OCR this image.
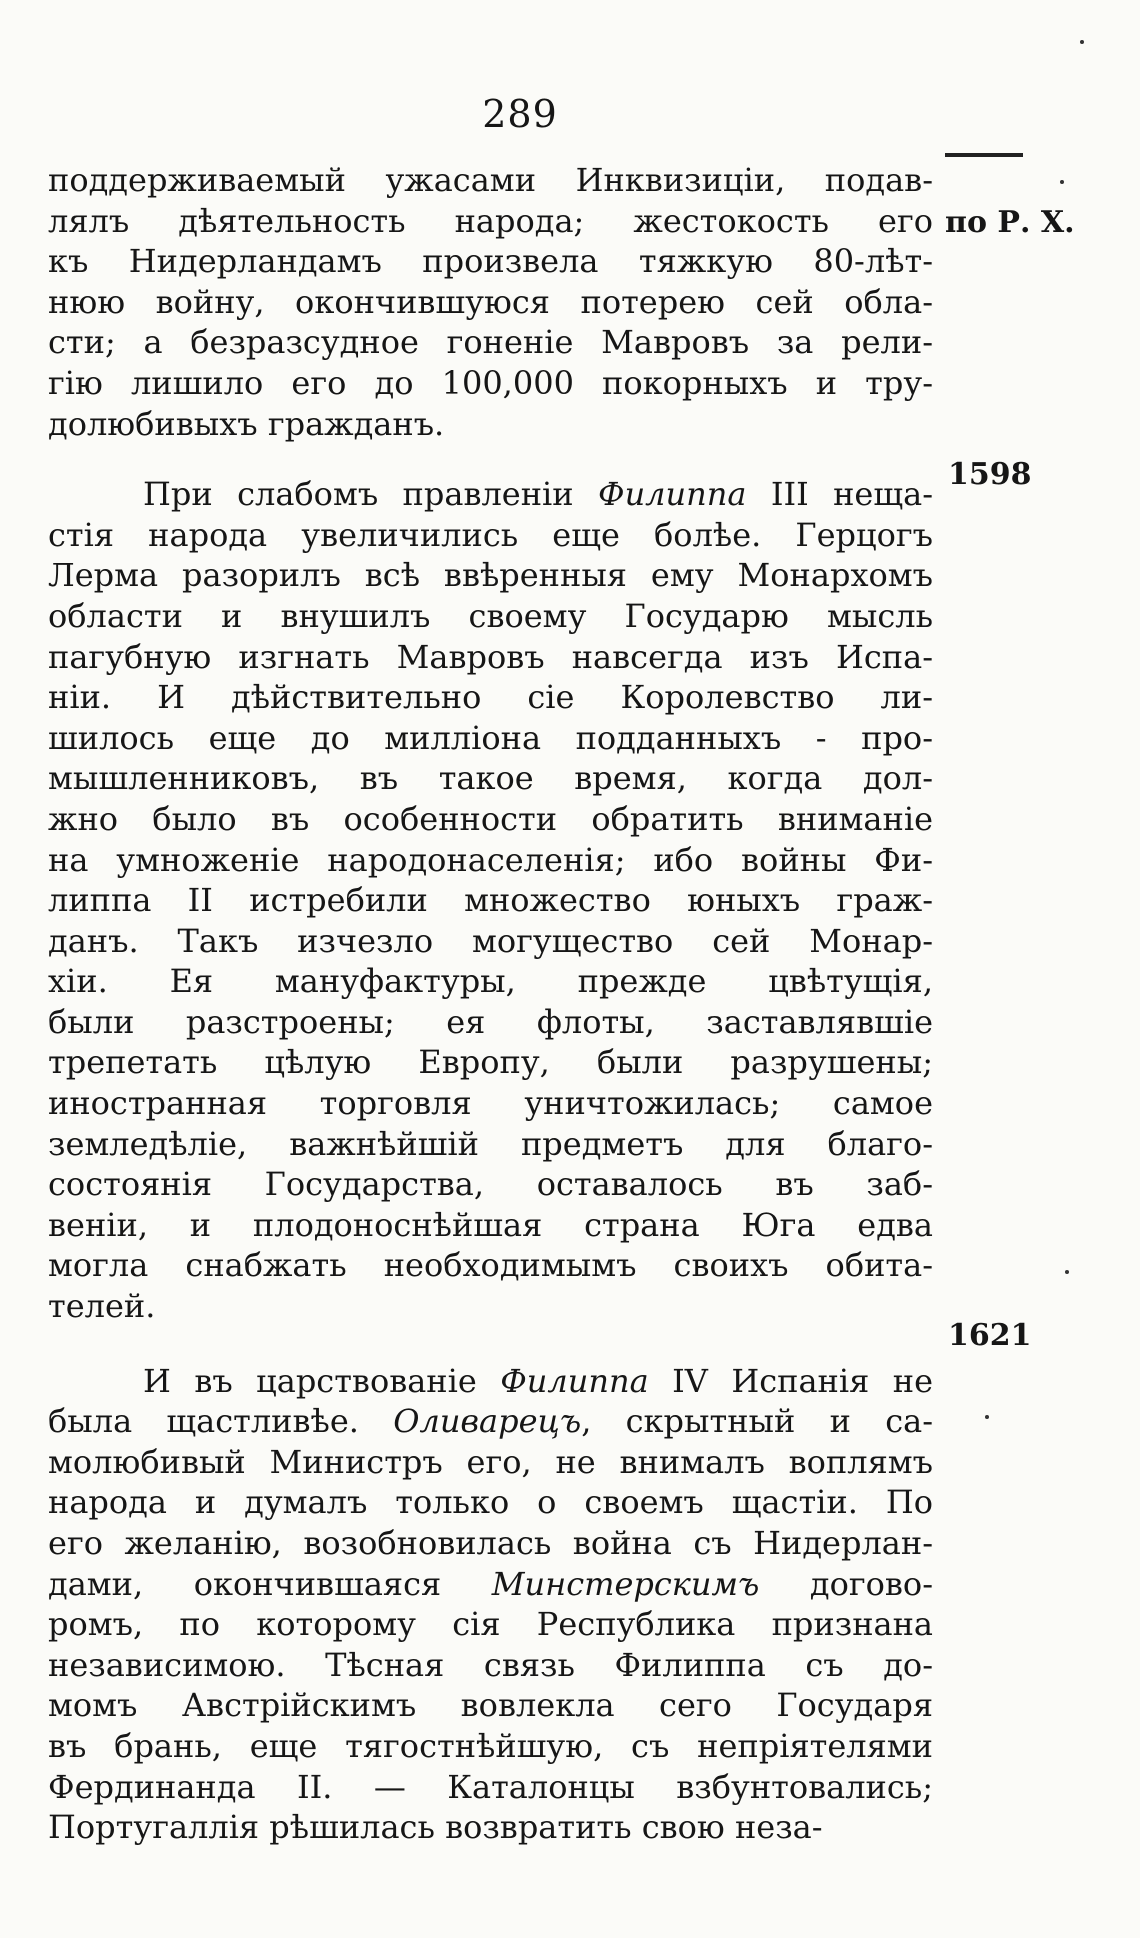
289
по Р. Х.
1598
1621
поддерживаемый ужасами Инквизиціи, подав-
лялъ дѣятельность народа; жестокость его
къ Нидерландамъ произвела тяжкую 80-лѣт-
нюю войну, окончившуюся потерею сей обла-
сти; а безразсудное гоненіе Мавровъ за рели-
гію лишило его до 100,000 покорныхъ и тру-
долюбивыхъ гражданъ.
При слабомъ правленіи Филиппа III неща-
стія народа увеличились еще болѣе. Герцогъ
Лерма разорилъ всѣ ввѣренныя ему Монархомъ
области и внушилъ своему Государю мысль
пагубную изгнать Мавровъ навсегда изъ Испа-
ніи. И дѣйствительно сіе Королевство ли-
шилось еще до милліона подданныхъ - про-
мышленниковъ, въ такое время, когда дол-
жно было въ особенности обратить вниманіе
на умноженіе народонаселенія; ибо войны Фи-
липпа II истребили множество юныхъ граж-
данъ. Такъ изчезло могущество сей Монар-
хіи. Ея мануфактуры, прежде цвѣтущія,
были разстроены; ея флоты, заставлявшіе
трепетать цѣлую Европу, были разрушены;
иностранная торговля уничтожилась; самое
земледѣліе, важнѣйшій предметъ для благо-
состоянія Государства, оставалось въ заб-
веніи, и плодоноснѣйшая страна Юга едва
могла снабжать необходимымъ своихъ обита-
телей.
И въ царствованіе Филиппа IV Испанія не
была щастливѣе. Оливарецъ, скрытный и са-
молюбивый Министръ его, не внималъ воплямъ
народа и думалъ только о своемъ щастіи. По
его желанію, возобновилась война съ Нидерлан-
дами, окончившаяся Минстерскимъ догово-
ромъ, по которому сія Республика признана
независимою. Тѣсная связь Филиппа съ до-
момъ Австрійскимъ вовлекла сего Государя
въ брань, еще тягостнѣйшую, съ непріятелями
Фердинанда II. — Каталонцы взбунтовались;
Португаллія рѣшилась возвратить свою неза-
